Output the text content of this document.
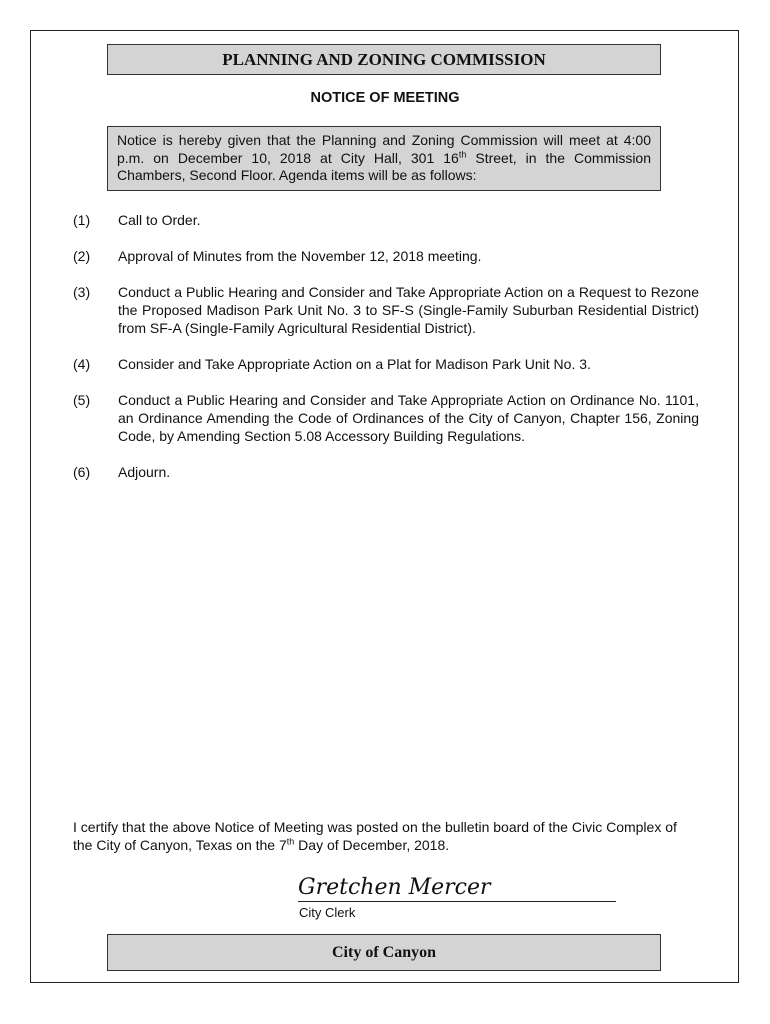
PLANNING AND ZONING COMMISSION
NOTICE OF MEETING
Notice is hereby given that the Planning and Zoning Commission will meet at 4:00 p.m. on December 10, 2018 at City Hall, 301 16th Street, in the Commission Chambers, Second Floor. Agenda items will be as follows:
(1)	Call to Order.
(2)	Approval of Minutes from the November 12, 2018 meeting.
(3)	Conduct a Public Hearing and Consider and Take Appropriate Action on a Request to Rezone the Proposed Madison Park Unit No. 3 to SF-S (Single-Family Suburban Residential District) from SF-A (Single-Family Agricultural Residential District).
(4)	Consider and Take Appropriate Action on a Plat for Madison Park Unit No. 3.
(5)	Conduct a Public Hearing and Consider and Take Appropriate Action on Ordinance No. 1101, an Ordinance Amending the Code of Ordinances of the City of Canyon, Chapter 156, Zoning Code, by Amending Section 5.08 Accessory Building Regulations.
(6)	Adjourn.
I certify that the above Notice of Meeting was posted on the bulletin board of the Civic Complex of the City of Canyon, Texas on the 7th Day of December, 2018.
Gretchen Mercer
City Clerk
City of Canyon
